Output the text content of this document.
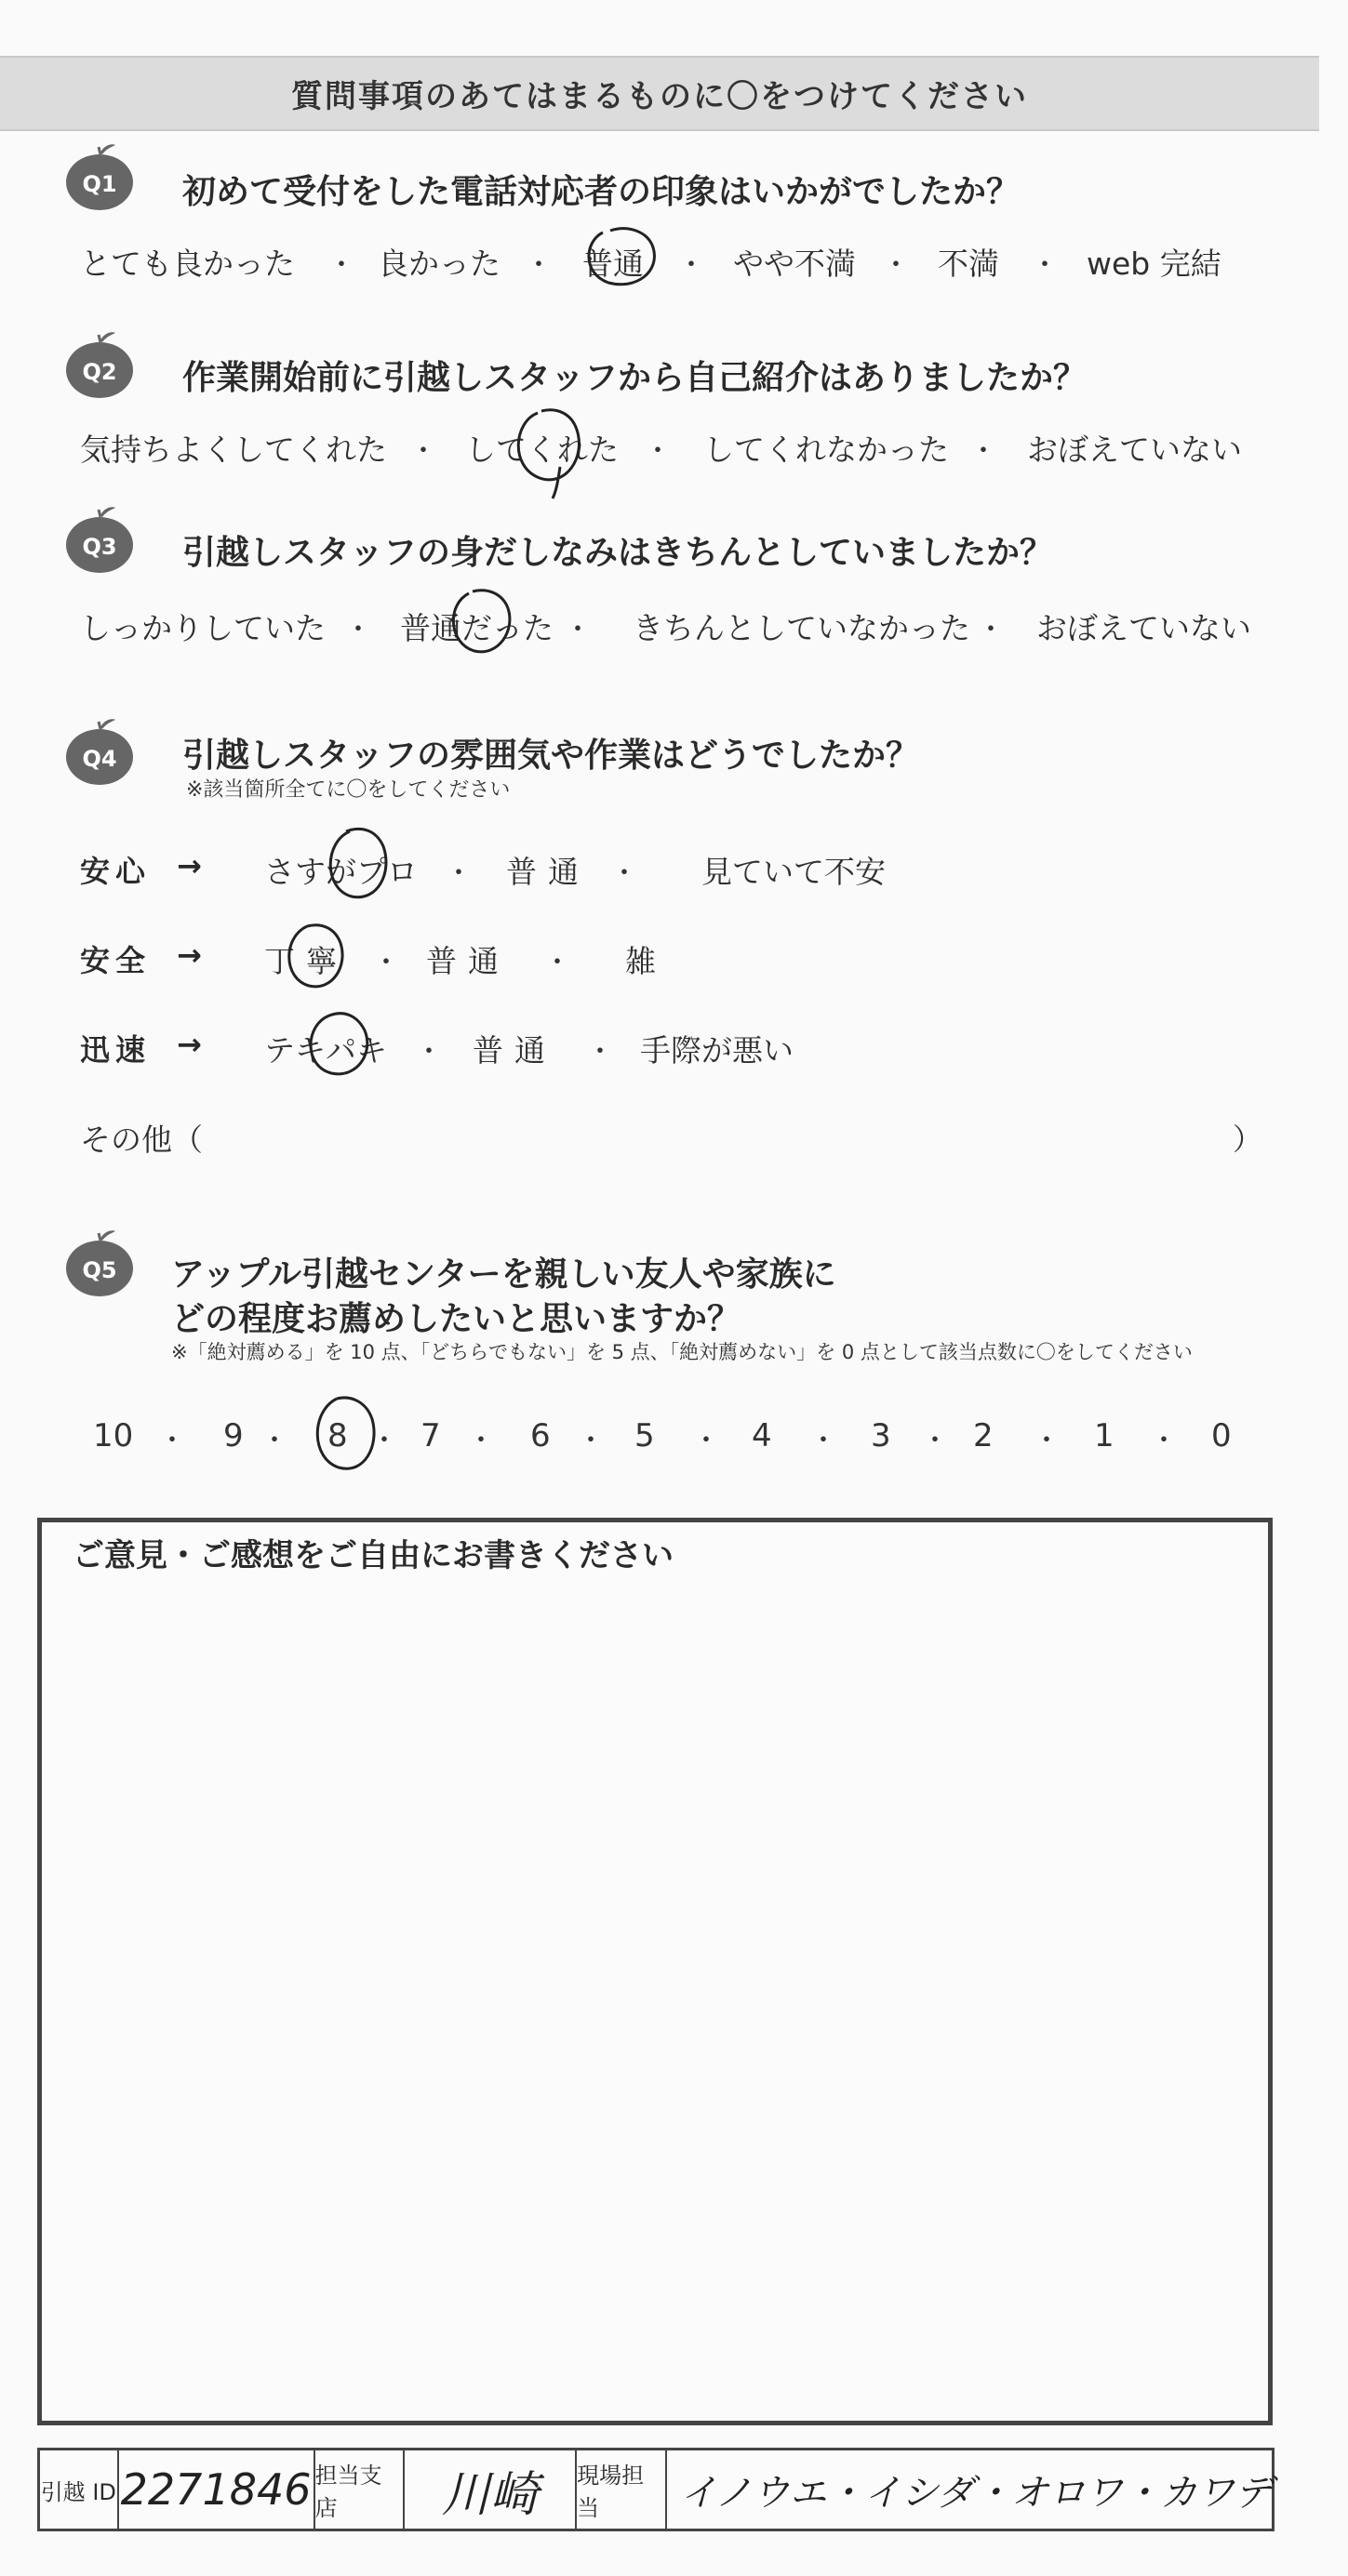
質問事項のあてはまるものに〇をつけてください
Q1 初めて受付をした電話対応者の印象はいかがでしたか？
とても良かった ・ 良かった ・ 普通 ・ やや不満 ・ 不満 ・ web 完結
Q2 作業開始前に引越しスタッフから自己紹介はありましたか？
気持ちよくしてくれた ・ してくれた ・ してくれなかった ・ おぼえていない
Q3 引越しスタッフの身だしなみはきちんとしていましたか？
しっかりしていた ・ 普通だった ・ きちんとしていなかった ・ おぼえていない
Q4 引越しスタッフの雰囲気や作業はどうでしたか？
※該当箇所全てに〇をしてください
安心 → さすがプロ ・ 普通 ・ 見ていて不安
安全 → 丁寧 ・ 普通 ・ 雑
迅速 → テキパキ ・ 普通 ・ 手際が悪い
その他（	）
Q5 アップル引越センターを親しい友人や家族に
どの程度お薦めしたいと思いますか？
※「絶対薦める」を 10 点、「どちらでもない」を 5 点、「絶対薦めない」を 0 点として該当点数に〇をしてください
10 ・ 9 ・ 8 ・ 7 ・ 6 ・ 5 ・ 4 ・ 3 ・ 2 ・ 1 ・ 0
ご意見・ご感想をご自由にお書きください
引越 ID 2271846 担当支店	川崎 現場担当	イノウエ・イシダ・オロワ・カワデ
